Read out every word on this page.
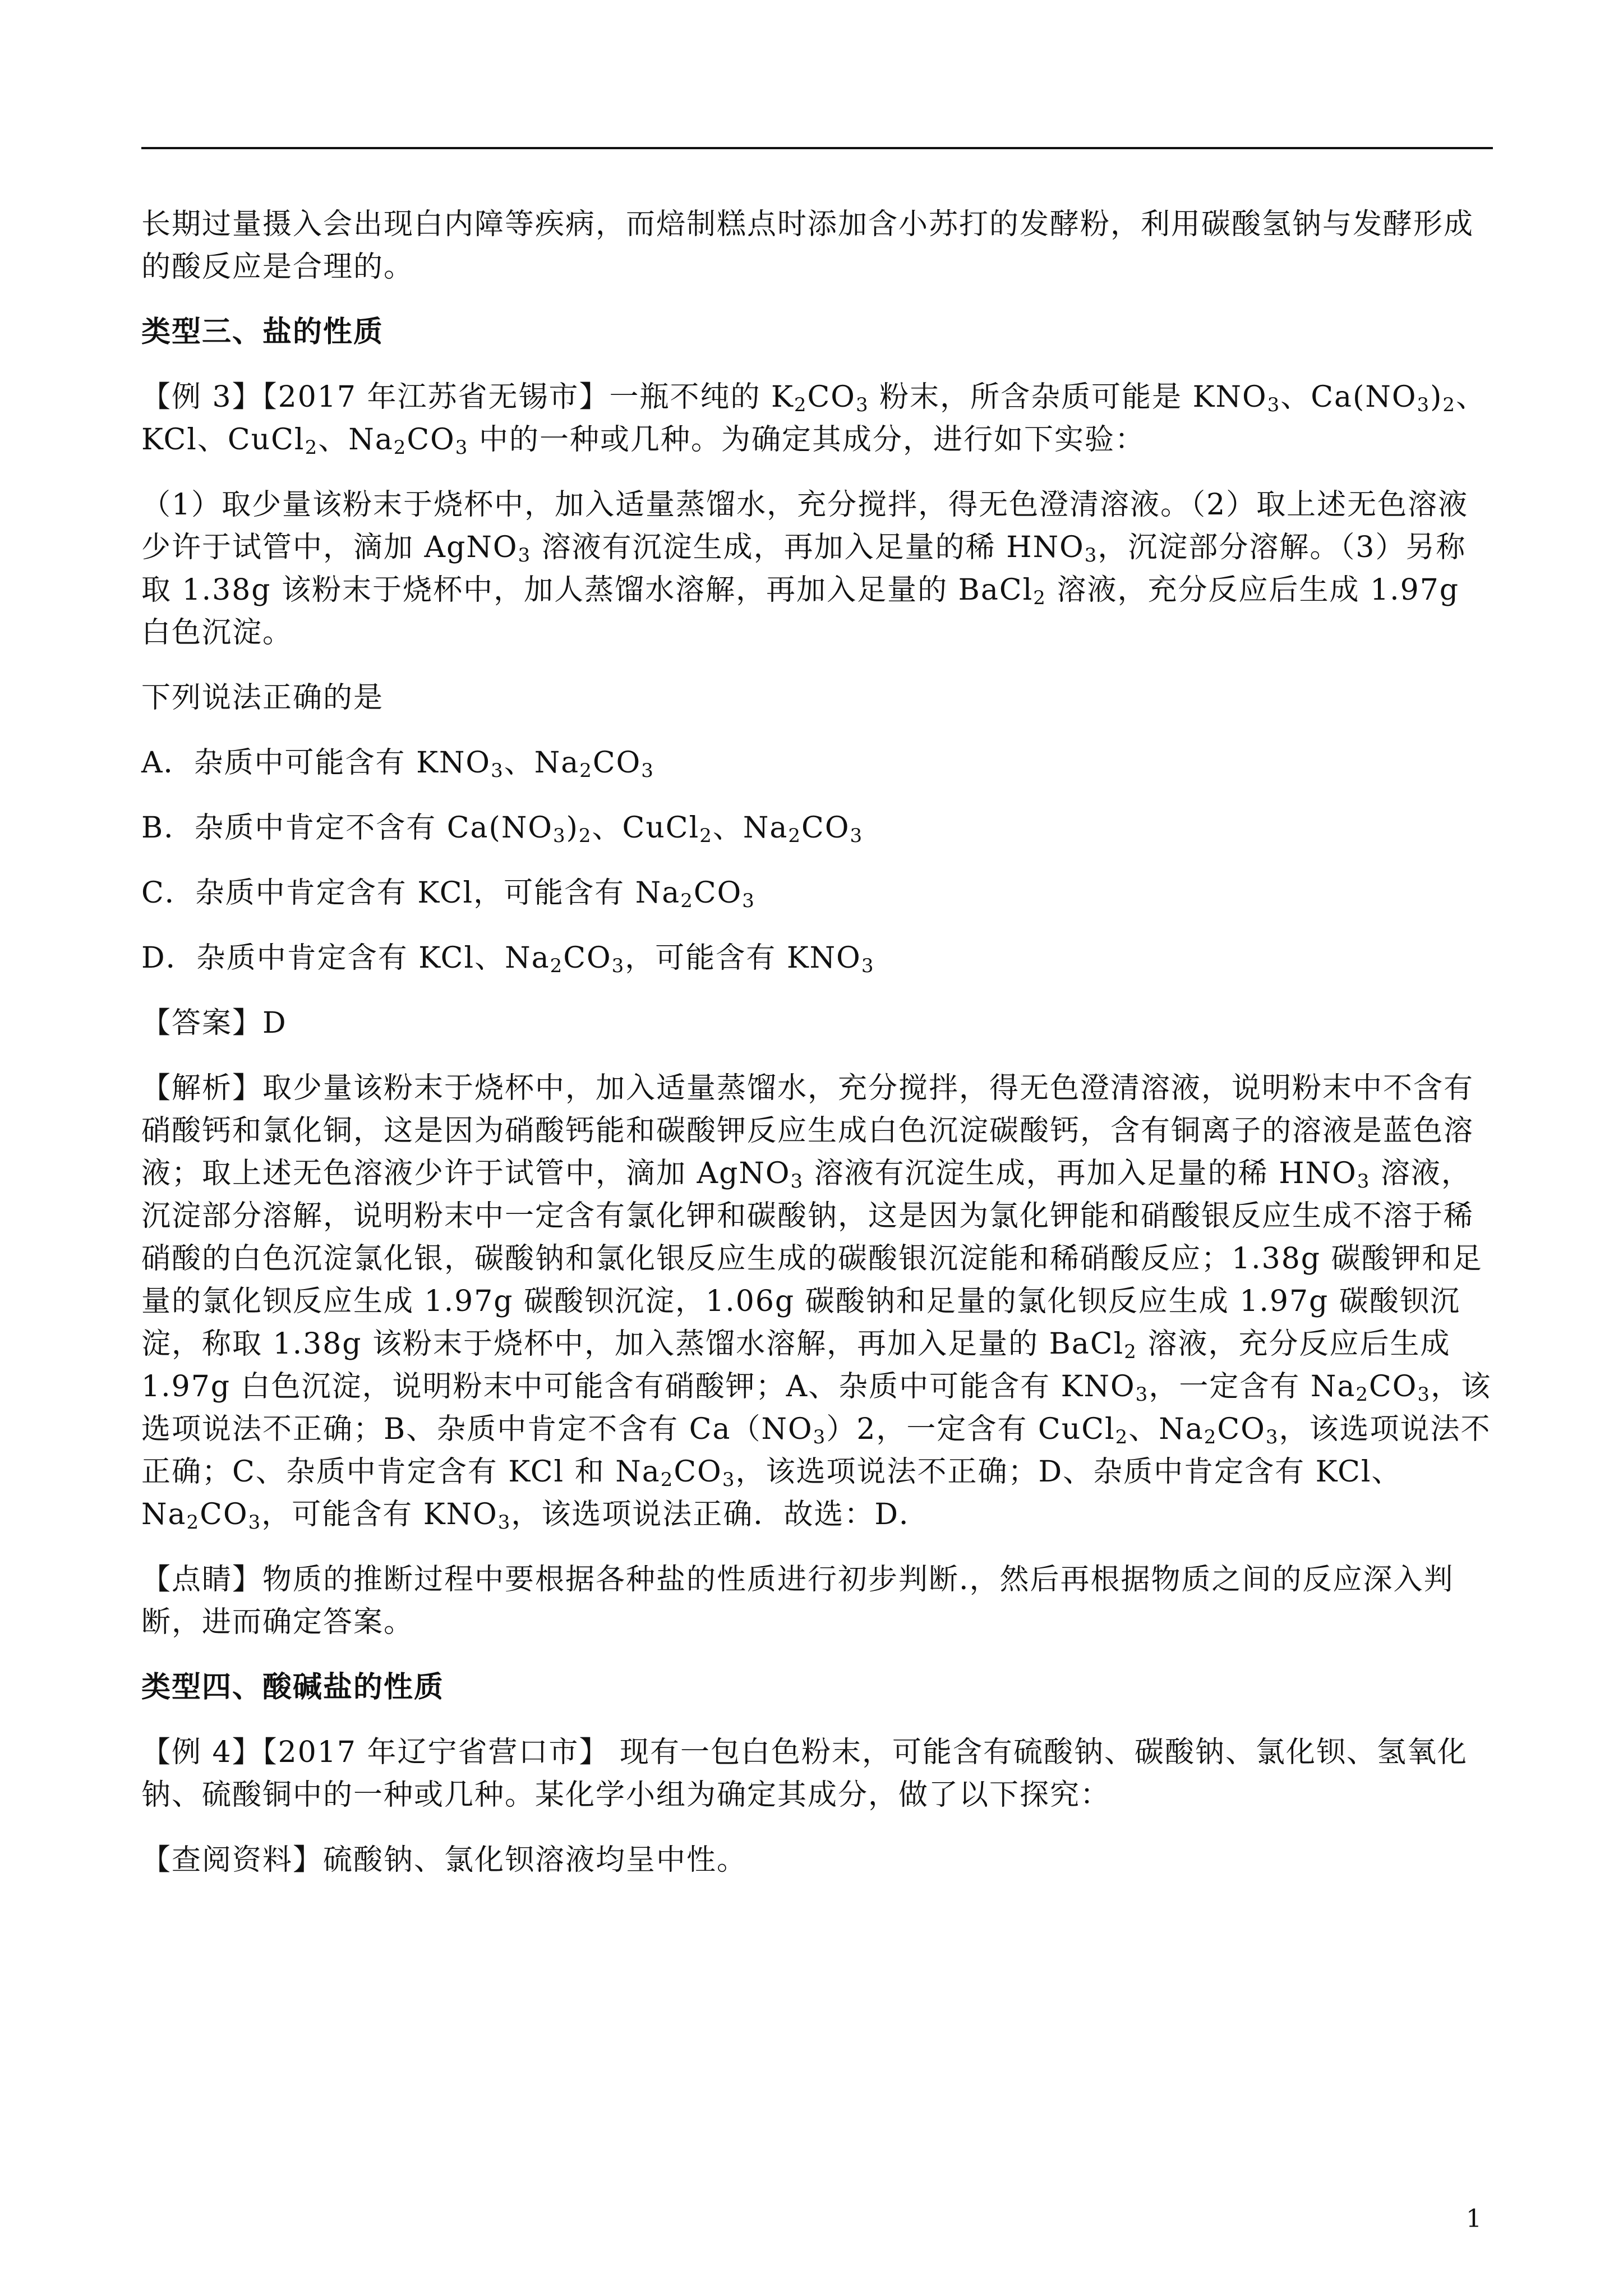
长期过量摄入会出现白内障等疾病，而焙制糕点时添加含小苏打的发酵粉，利用碳酸氢钠与发酵形成的酸反应是合理的。

类型三、盐的性质

【例 3】【2017 年江苏省无锡市】一瓶不纯的 $K_2CO_3$ 粉末，所含杂质可能是 $KNO_3$、$Ca(NO_3)_2$、KCl、CuCl$_2$、$Na_2CO_3$ 中的一种或几种。为确定其成分，进行如下实验：

（1）取少量该粉末于烧杯中，加入适量蒸馏水，充分搅拌，得无色澄清溶液。（2）取上述无色溶液少许于试管中，滴加 AgNO$_3$ 溶液有沉淀生成，再加入足量的稀 $HNO_3$，沉淀部分溶解。（3）另称取 1.38g 该粉末于烧杯中，加人蒸馏水溶解，再加入足量的 BaCl$_2$ 溶液，充分反应后生成 1.97g 白色沉淀。

下列说法正确的是

A．杂质中可能含有 $KNO_3$、$Na_2CO_3$

B．杂质中肯定不含有 $Ca(NO_3)_2$、CuCl$_2$、$Na_2CO_3$

C．杂质中肯定含有 KCl，可能含有 $Na_2CO_3$

D．杂质中肯定含有 KCl、$Na_2CO_3$，可能含有 $KNO_3$

【答案】D

【解析】取少量该粉末于烧杯中，加入适量蒸馏水，充分搅拌，得无色澄清溶液，说明粉末中不含有硝酸钙和氯化铜，这是因为硝酸钙能和碳酸钾反应生成白色沉淀碳酸钙，含有铜离子的溶液是蓝色溶液；取上述无色溶液少许于试管中，滴加 AgNO$_3$ 溶液有沉淀生成，再加入足量的稀 $HNO_3$ 溶液，沉淀部分溶解，说明粉末中一定含有氯化钾和碳酸钠，这是因为氯化钾能和硝酸银反应生成不溶于稀硝酸的白色沉淀氯化银，碳酸钠和氯化银反应生成的碳酸银沉淀能和稀硝酸反应；1.38g 碳酸钾和足量的氯化钡反应生成 1.97g 碳酸钡沉淀，1.06g 碳酸钠和足量的氯化钡反应生成 1.97g 碳酸钡沉淀，称取 1.38g 该粉末于烧杯中，加入蒸馏水溶解，再加入足量的 BaCl$_2$ 溶液，充分反应后生成 1.97g 白色沉淀，说明粉末中可能含有硝酸钾；A、杂质中可能含有 $KNO_3$，一定含有 $Na_2CO_3$，该选项说法不正确；B、杂质中肯定不含有 $Ca(NO_3)2$，一定含有 CuCl$_2$、$Na_2CO_3$，该选项说法不正确；C、杂质中肯定含有 KCl 和 $Na_2CO_3$，该选项说法不正确；D、杂质中肯定含有 KCl、$Na_2CO_3$，可能含有 $KNO_3$，该选项说法正确．故选：D．

【点睛】物质的推断过程中要根据各种盐的性质进行初步判断.，然后再根据物质之间的反应深入判断，进而确定答案。

类型四、酸碱盐的性质

【例 4】【2017 年辽宁省营口市】 现有一包白色粉末，可能含有硫酸钠、碳酸钠、氯化钡、氢氧化钠、硫酸铜中的一种或几种。某化学小组为确定其成分，做了以下探究：

【查阅资料】硫酸钠、氯化钡溶液均呈中性。

1
